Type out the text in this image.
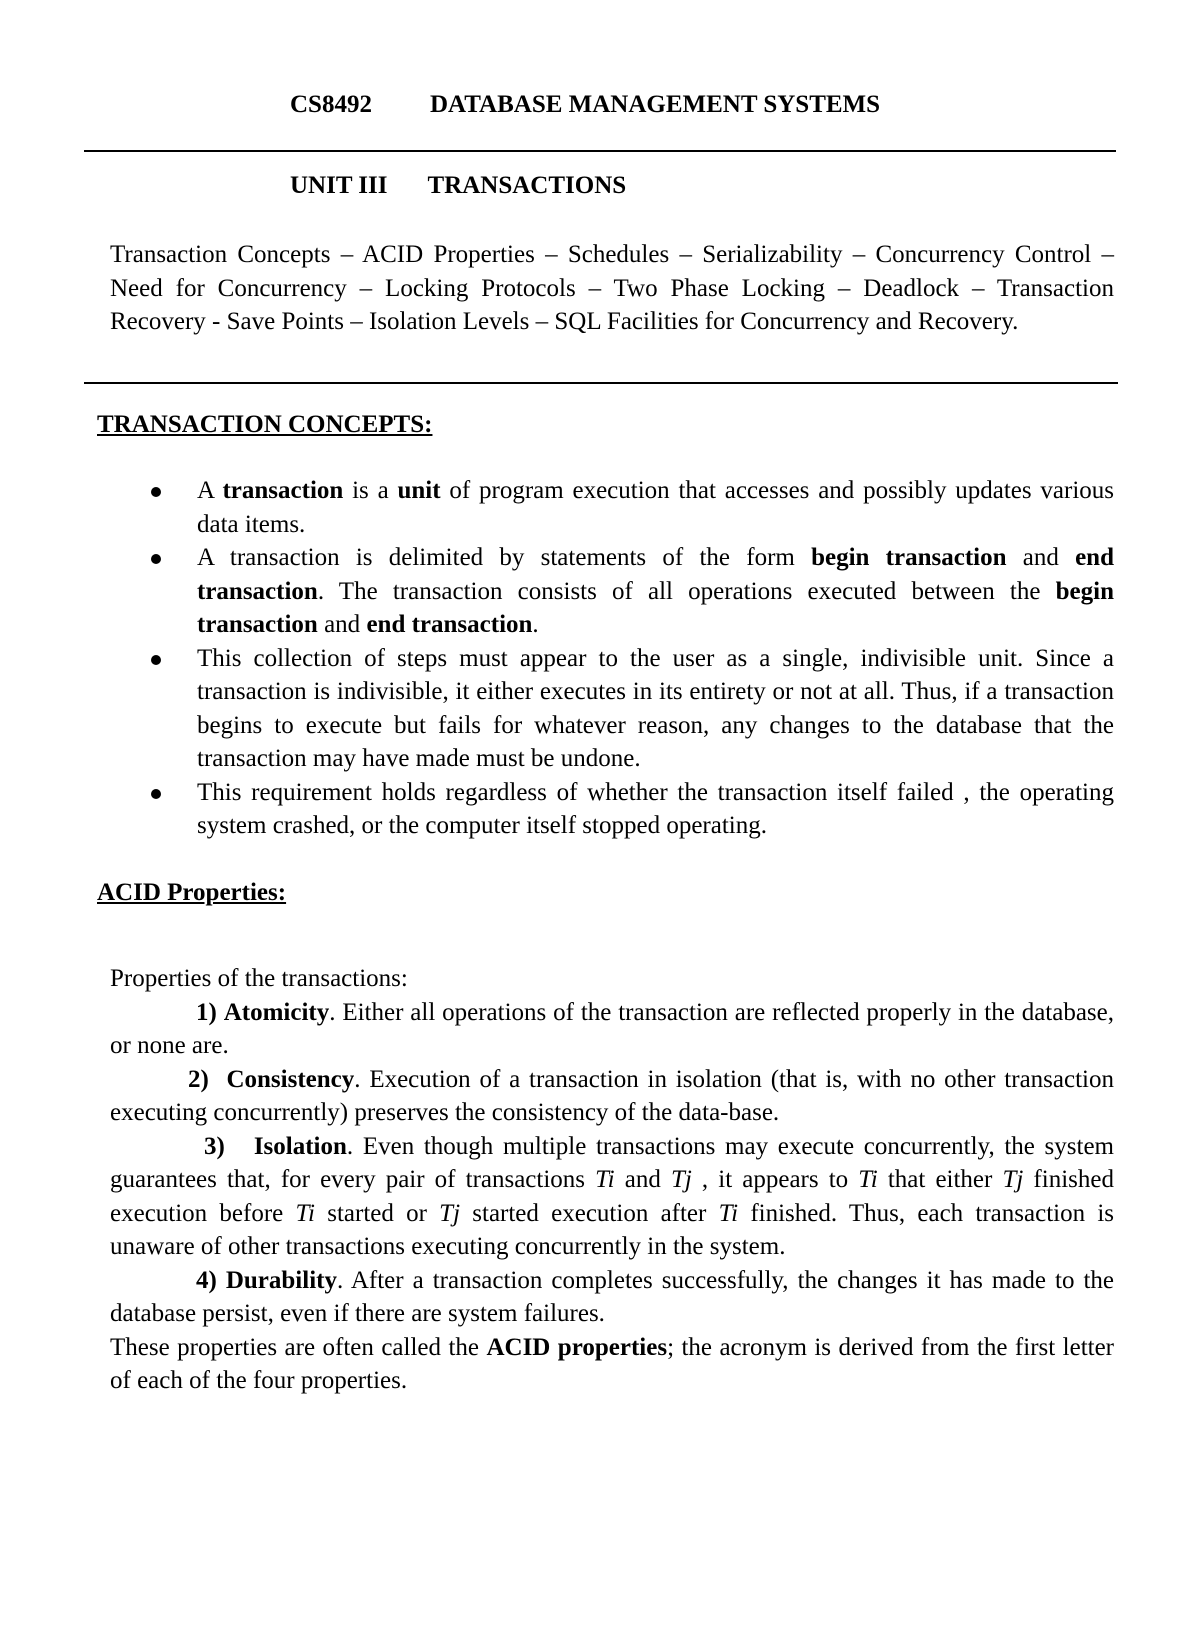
CS8492 DATABASE MANAGEMENT SYSTEMS
UNIT III TRANSACTIONS
Transaction Concepts – ACID Properties – Schedules – Serializability – Concurrency Control – Need for Concurrency – Locking Protocols – Two Phase Locking – Deadlock – Transaction Recovery - Save Points – Isolation Levels – SQL Facilities for Concurrency and Recovery.
TRANSACTION CONCEPTS:
A transaction is a unit of program execution that accesses and possibly updates various data items.
A transaction is delimited by statements of the form begin transaction and end transaction. The transaction consists of all operations executed between the begin transaction and end transaction.
This collection of steps must appear to the user as a single, indivisible unit. Since a transaction is indivisible, it either executes in its entirety or not at all. Thus, if a transaction begins to execute but fails for whatever reason, any changes to the database that the transaction may have made must be undone.
This requirement holds regardless of whether the transaction itself failed , the operating system crashed, or the computer itself stopped operating.
ACID Properties:

Properties of the transactions:

1) Atomicity. Either all operations of the transaction are reflected properly in the database, or none are.

2) Consistency. Execution of a transaction in isolation (that is, with no other transaction executing concurrently) preserves the consistency of the data-base.

3) Isolation. Even though multiple transactions may execute concurrently, the system guarantees that, for every pair of transactions Ti and Tj , it appears to Ti that either Tj finished execution before Ti started or Tj started execution after Ti finished. Thus, each transaction is unaware of other transactions executing concurrently in the system.

4) Durability. After a transaction completes successfully, the changes it has made to the database persist, even if there are system failures.

These properties are often called the ACID properties; the acronym is derived from the first letter of each of the four properties.
